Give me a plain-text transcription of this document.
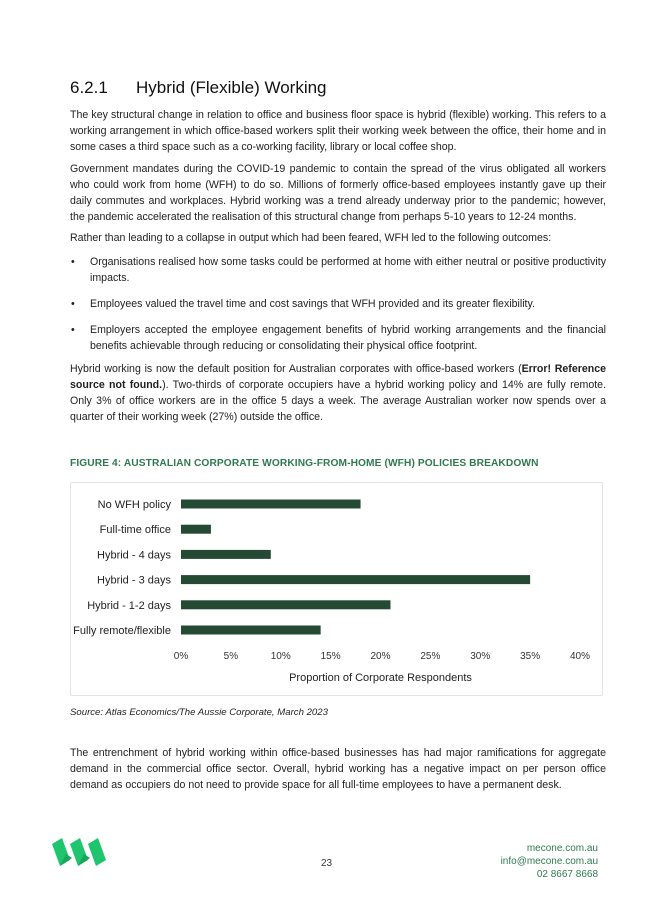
6.2.1 Hybrid (Flexible) Working

The key structural change in relation to office and business floor space is hybrid (flexible) working. This refers to a working arrangement in which office-based workers split their working week between the office, their home and in some cases a third space such as a co-working facility, library or local coffee shop.

Government mandates during the COVID-19 pandemic to contain the spread of the virus obligated all workers who could work from home (WFH) to do so. Millions of formerly office-based employees instantly gave up their daily commutes and workplaces. Hybrid working was a trend already underway prior to the pandemic; however, the pandemic accelerated the realisation of this structural change from perhaps 5-10 years to 12-24 months.

Rather than leading to a collapse in output which had been feared, WFH led to the following outcomes:

• Organisations realised how some tasks could be performed at home with either neutral or positive productivity impacts.
• Employees valued the travel time and cost savings that WFH provided and its greater flexibility.
• Employers accepted the employee engagement benefits of hybrid working arrangements and the financial benefits achievable through reducing or consolidating their physical office footprint.

Hybrid working is now the default position for Australian corporates with office-based workers (Error! Reference source not found.). Two-thirds of corporate occupiers have a hybrid working policy and 14% are fully remote. Only 3% of office workers are in the office 5 days a week. The average Australian worker now spends over a quarter of their working week (27%) outside the office.

FIGURE 4: AUSTRALIAN CORPORATE WORKING-FROM-HOME (WFH) POLICIES BREAKDOWN
No WFH policy
Full-time office
Hybrid - 4 days
Hybrid - 3 days
Hybrid - 1-2 days
Fully remote/flexible
0%	5%	10%	15%	20%	25%	30%	35%	40%
Proportion of Corporate Respondents
Source: Atlas Economics/The Aussie Corporate, March 2023

The entrenchment of hybrid working within office-based businesses has had major ramifications for aggregate demand in the commercial office sector. Overall, hybrid working has a negative impact on per person office demand as occupiers do not need to provide space for all full-time employees to have a permanent desk.

23
mecone.com.au
info@mecone.com.au
02 8667 8668
